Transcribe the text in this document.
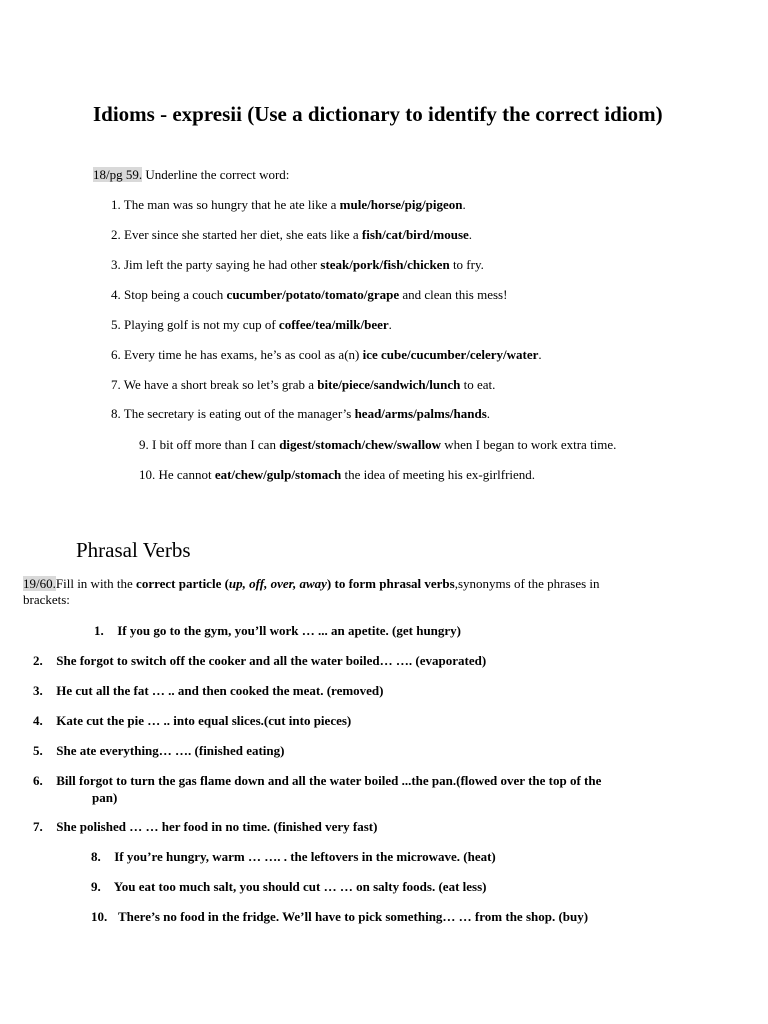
Idioms - expresii (Use a dictionary to identify the correct idiom)
18/pg 59. Underline the correct word:
1. The man was so hungry that he ate like a mule/horse/pig/pigeon.
2. Ever since she started her diet, she eats like a fish/cat/bird/mouse.
3. Jim left the party saying he had other steak/pork/fish/chicken to fry.
4. Stop being a couch cucumber/potato/tomato/grape and clean this mess!
5. Playing golf is not my cup of coffee/tea/milk/beer.
6. Every time he has exams, he’s as cool as a(n) ice cube/cucumber/celery/water.
7. We have a short break so let’s grab a bite/piece/sandwich/lunch to eat.
8. The secretary is eating out of the manager’s head/arms/palms/hands.
9. I bit off more than I can digest/stomach/chew/swallow when I began to work extra time.
10. He cannot eat/chew/gulp/stomach the idea of meeting his ex-girlfriend.
Phrasal Verbs
19/60.Fill in with the correct particle (up, off, over, away) to form phrasal verbs,synonyms of the phrases in
brackets:
1. If you go to the gym, you’ll work … ... an apetite. (get hungry)
2. She forgot to switch off the cooker and all the water boiled… …. (evaporated)
3. He cut all the fat … .. and then cooked the meat. (removed)
4. Kate cut the pie … .. into equal slices.(cut into pieces)
5. She ate everything… …. (finished eating)
6. Bill forgot to turn the gas flame down and all the water boiled ...the pan.(flowed over the top of the
pan)
7. She polished … … her food in no time. (finished very fast)
8. If you’re hungry, warm … …. . the leftovers in the microwave. (heat)
9. You eat too much salt, you should cut … … on salty foods. (eat less)
10. There’s no food in the fridge. We’ll have to pick something… … from the shop. (buy)
